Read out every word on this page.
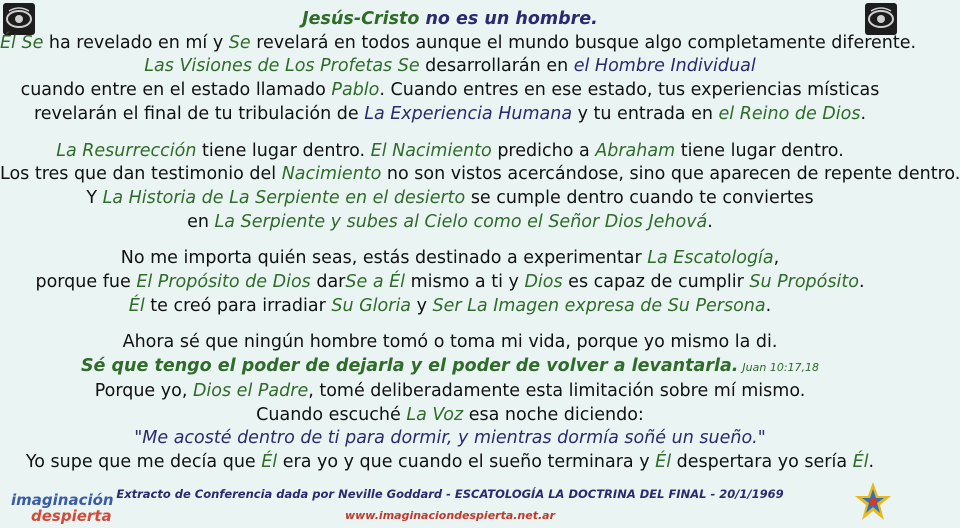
Jesús-Cristo no es un hombre.
Él Se ha revelado en mí y Se revelará en todos aunque el mundo busque algo completamente diferente.
Las Visiones de Los Profetas Se desarrollarán en el Hombre Individual
cuando entre en el estado llamado Pablo. Cuando entres en ese estado, tus experiencias místicas
revelarán el final de tu tribulación de La Experiencia Humana y tu entrada en el Reino de Dios.
La Resurrección tiene lugar dentro. El Nacimiento predicho a Abraham tiene lugar dentro.
Los tres que dan testimonio del Nacimiento no son vistos acercándose, sino que aparecen de repente dentro.
Y La Historia de La Serpiente en el desierto se cumple dentro cuando te conviertes
en La Serpiente y subes al Cielo como el Señor Dios Jehová.
No me importa quién seas, estás destinado a experimentar La Escatología,
porque fue El Propósito de Dios darSe a Él mismo a ti y Dios es capaz de cumplir Su Propósito.
Él te creó para irradiar Su Gloria y Ser La Imagen expresa de Su Persona.
Ahora sé que ningún hombre tomó o toma mi vida, porque yo mismo la di.
Sé que tengo el poder de dejarla y el poder de volver a levantarla. Juan 10:17,18
Porque yo, Dios el Padre, tomé deliberadamente esta limitación sobre mí mismo.
Cuando escuché La Voz esa noche diciendo:
"Me acosté dentro de ti para dormir, y mientras dormía soñé un sueño."
Yo supe que me decía que Él era yo y que cuando el sueño terminara y Él despertara yo sería Él.
imaginación
despierta
Extracto de Conferencia dada por Neville Goddard - ESCATOLOGÍA LA DOCTRINA DEL FINAL - 20/1/1969
www.imaginaciondespierta.net.ar
